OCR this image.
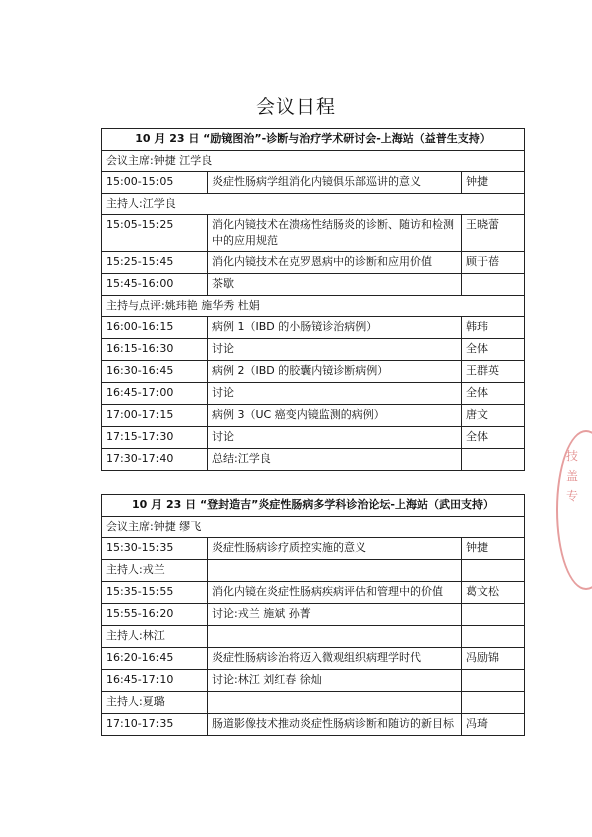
会议日程
10 月 23 日 “励镜图治”-诊断与治疗学术研讨会-上海站（益普生支持）		
会议主席:钟捷 江学良		
15:00-15:05	炎症性肠病学组消化内镜俱乐部巡讲的意义	钟捷
主持人:江学良		
15:05-15:25	消化内镜技术在溃疡性结肠炎的诊断、随访和检测中的应用规范	王晓蕾
15:25-15:45	消化内镜技术在克罗恩病中的诊断和应用价值	顾于蓓
15:45-16:00	茶歇	
主持与点评:姚玮艳 施华秀 杜娟		
16:00-16:15	病例 1（IBD 的小肠镜诊治病例）	韩玮
16:15-16:30	讨论	全体
16:30-16:45	病例 2（IBD 的胶囊内镜诊断病例）	王群英
16:45-17:00	讨论	全体
17:00-17:15	病例 3（UC 癌变内镜监测的病例）	唐文
17:15-17:30	讨论	全体
17:30-17:40	总结:江学良	
10 月 23 日 “登封造吉”炎症性肠病多学科诊治论坛-上海站（武田支持）		
会议主席:钟捷 缪飞		
15:30-15:35	炎症性肠病诊疗质控实施的意义	钟捷
主持人:戎兰		
15:35-15:55	消化内镜在炎症性肠病疾病评估和管理中的价值	葛文松
15:55-16:20	讨论:戎兰 施斌 孙菁	
主持人:林江		
16:20-16:45	炎症性肠病诊治将迈入微观组织病理学时代	冯励锦
16:45-17:10	讨论:林江 刘红春 徐灿	
主持人:夏璐		
17:10-17:35	肠道影像技术推动炎症性肠病诊断和随访的新目标	冯琦
技
盖
专
